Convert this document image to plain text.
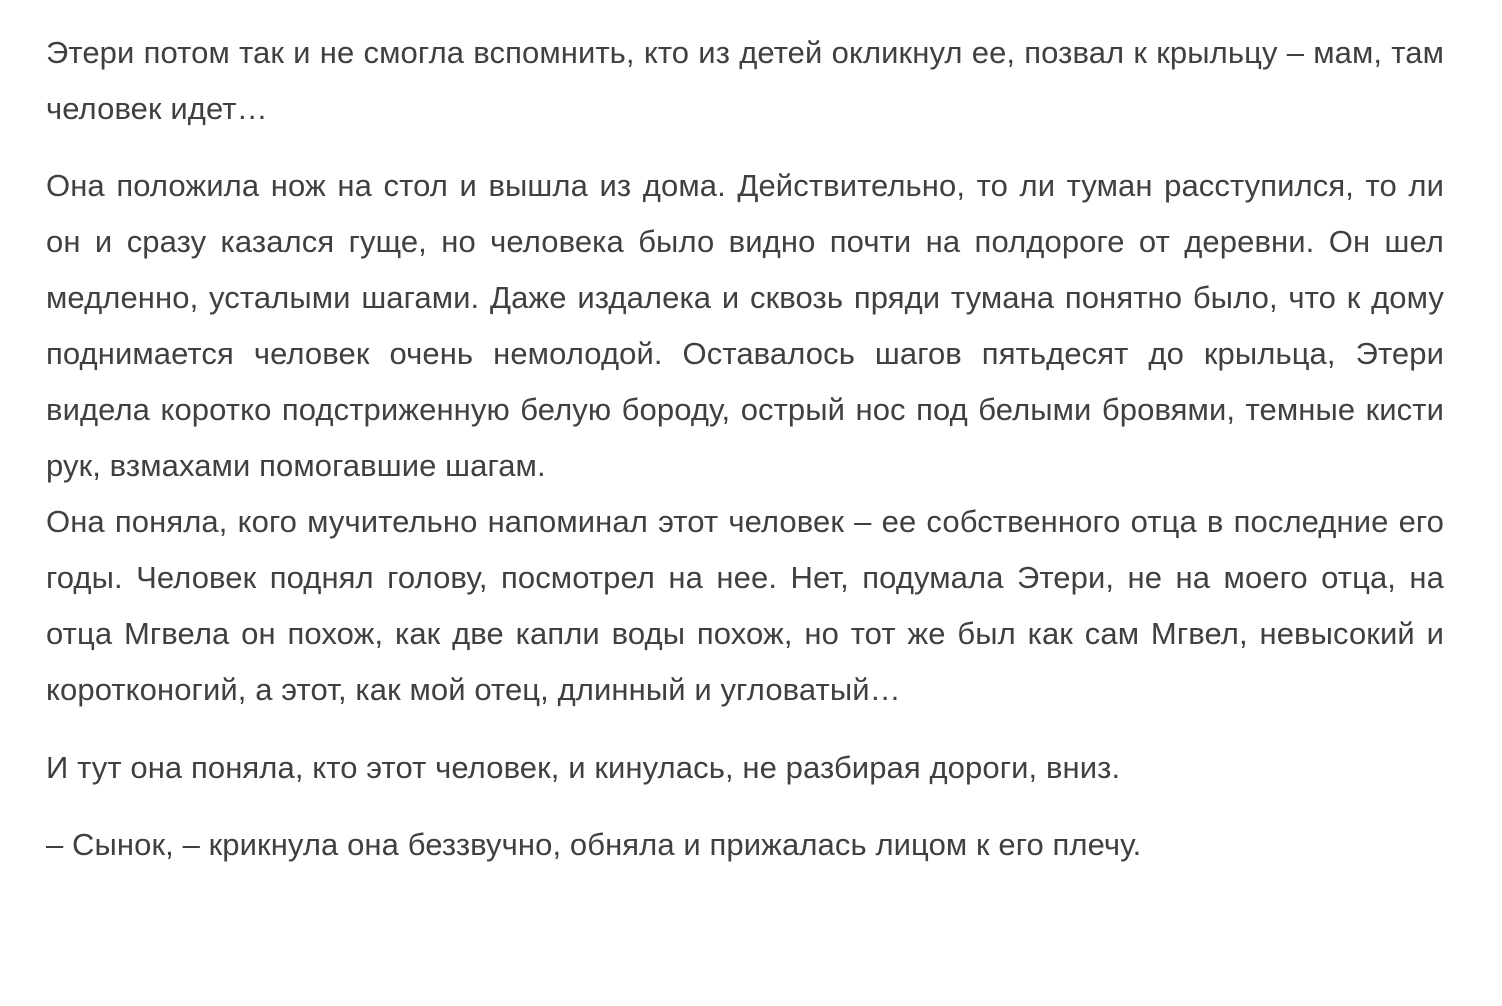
Этери потом так и не смогла вспомнить, кто из детей окликнул ее, позвал к крыльцу – мам, там человек идет…

Она положила нож на стол и вышла из дома. Действительно, то ли туман расступился, то ли он и сразу казался гуще, но человека было видно почти на полдороге от деревни. Он шел медленно, усталыми шагами. Даже издалека и сквозь пряди тумана понятно было, что к дому поднимается человек очень немолодой. Оставалось шагов пятьдесят до крыльца, Этери видела коротко подстриженную белую бороду, острый нос под белыми бровями, темные кисти рук, взмахами помогавшие шагам.

Она поняла, кого мучительно напоминал этот человек – ее собственного отца в последние его годы. Человек поднял голову, посмотрел на нее. Нет, подумала Этери, не на моего отца, на отца Мгвела он похож, как две капли воды похож, но тот же был как сам Мгвел, невысокий и коротконогий, а этот, как мой отец, длинный и угловатый…

И тут она поняла, кто этот человек, и кинулась, не разбирая дороги, вниз.

– Сынок, – крикнула она беззвучно, обняла и прижалась лицом к его плечу.
